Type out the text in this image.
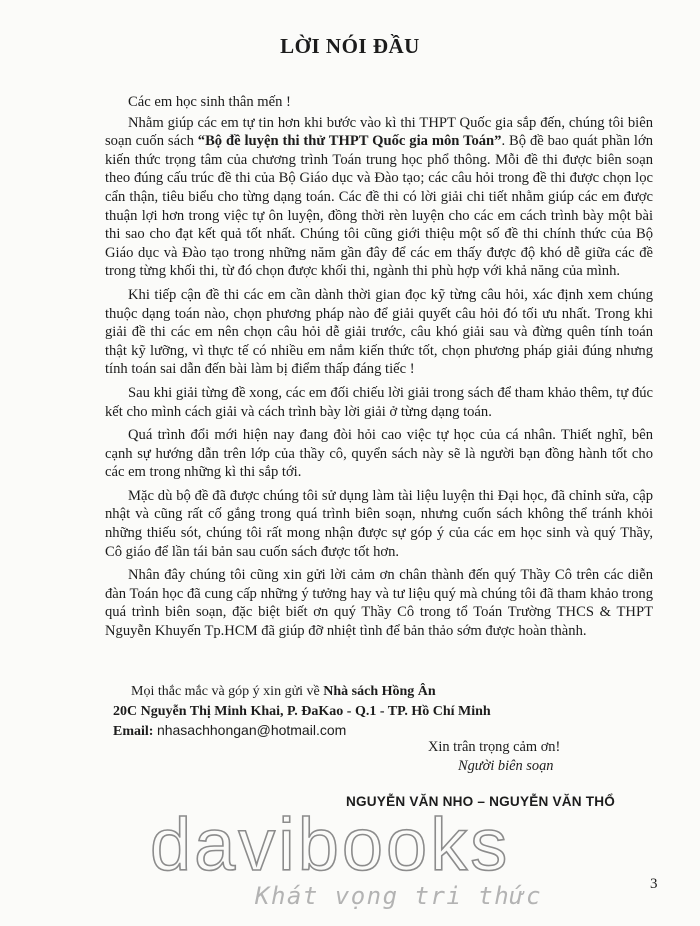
LỜI NÓI ĐẦU

Các em học sinh thân mến !

Nhằm giúp các em tự tin hơn khi bước vào kì thi THPT Quốc gia sắp đến, chúng tôi biên soạn cuốn sách “Bộ đề luyện thi thử THPT Quốc gia môn Toán”. Bộ đề bao quát phần lớn kiến thức trọng tâm của chương trình Toán trung học phổ thông. Mỗi đề thi được biên soạn theo đúng cấu trúc đề thi của Bộ Giáo dục và Đào tạo; các câu hỏi trong đề thi được chọn lọc cẩn thận, tiêu biểu cho từng dạng toán. Các đề thi có lời giải chi tiết nhằm giúp các em được thuận lợi hơn trong việc tự ôn luyện, đồng thời rèn luyện cho các em cách trình bày một bài thi sao cho đạt kết quả tốt nhất. Chúng tôi cũng giới thiệu một số đề thi chính thức của Bộ Giáo dục và Đào tạo trong những năm gần đây để các em thấy được độ khó dễ giữa các đề trong từng khối thi, từ đó chọn được khối thi, ngành thi phù hợp với khả năng của mình.

Khi tiếp cận đề thi các em cần dành thời gian đọc kỹ từng câu hỏi, xác định xem chúng thuộc dạng toán nào, chọn phương pháp nào để giải quyết câu hỏi đó tối ưu nhất. Trong khi giải đề thi các em nên chọn câu hỏi dễ giải trước, câu khó giải sau và đừng quên tính toán thật kỹ lưỡng, vì thực tế có nhiều em nắm kiến thức tốt, chọn phương pháp giải đúng nhưng tính toán sai dẫn đến bài làm bị điểm thấp đáng tiếc !

Sau khi giải từng đề xong, các em đối chiếu lời giải trong sách để tham khảo thêm, tự đúc kết cho mình cách giải và cách trình bày lời giải ở từng dạng toán.

Quá trình đổi mới hiện nay đang đòi hỏi cao việc tự học của cá nhân. Thiết nghĩ, bên cạnh sự hướng dẫn trên lớp của thầy cô, quyển sách này sẽ là người bạn đồng hành tốt cho các em trong những kì thi sắp tới.

Mặc dù bộ đề đã được chúng tôi sử dụng làm tài liệu luyện thi Đại học, đã chỉnh sửa, cập nhật và cũng rất cố gắng trong quá trình biên soạn, nhưng cuốn sách không thể tránh khỏi những thiếu sót, chúng tôi rất mong nhận được sự góp ý của các em học sinh và quý Thầy, Cô giáo để lần tái bản sau cuốn sách được tốt hơn.

Nhân đây chúng tôi cũng xin gửi lời cảm ơn chân thành đến quý Thầy Cô trên các diễn đàn Toán học đã cung cấp những ý tưởng hay và tư liệu quý mà chúng tôi đã tham khảo trong quá trình biên soạn, đặc biệt biết ơn quý Thầy Cô trong tổ Toán Trường THCS & THPT Nguyễn Khuyến Tp.HCM đã giúp đỡ nhiệt tình để bản thảo sớm được hoàn thành.

Mọi thắc mắc và góp ý xin gửi về Nhà sách Hồng Ân
20C Nguyễn Thị Minh Khai, P. ĐaKao - Q.1 - TP. Hồ Chí Minh
Email: nhasachhongan@hotmail.com
Xin trân trọng cảm ơn!
Người biên soạn
NGUYỄN VĂN NHO – NGUYỄN VĂN THỔ
davibooks
Khát vọng tri thức	3
